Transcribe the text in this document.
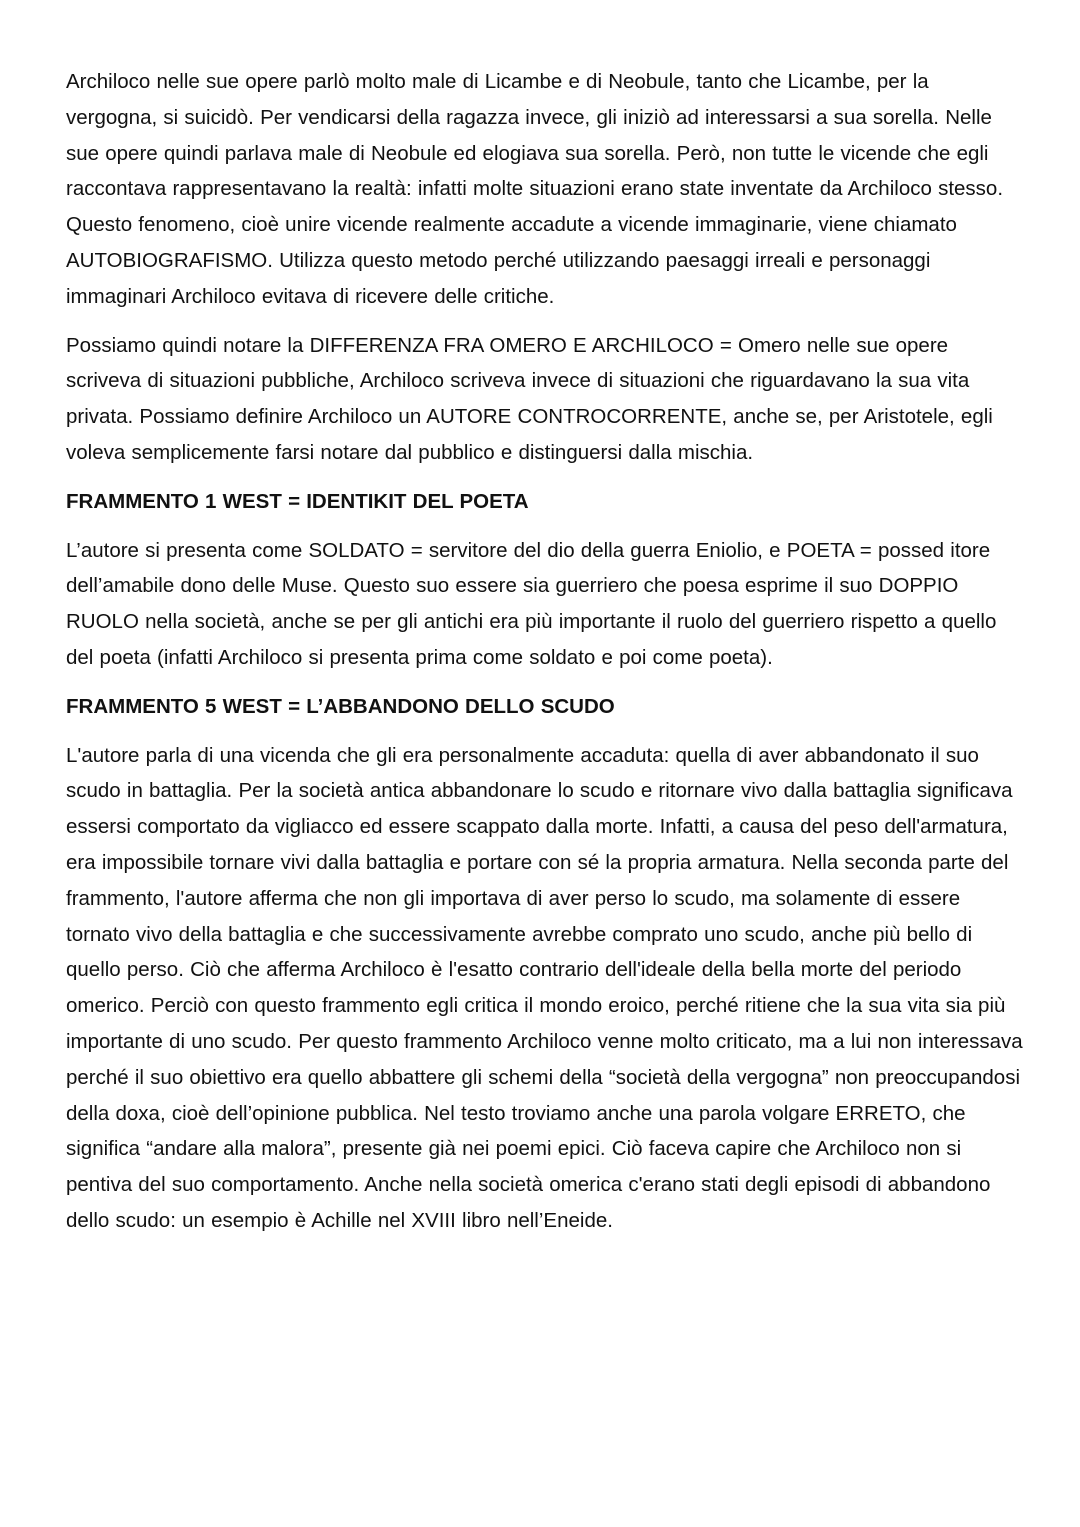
Archiloco nelle sue opere parlò molto male di Licambe e di Neobule, tanto che Licambe, per la vergogna, si suicidò. Per vendicarsi della ragazza invece, gli iniziò ad interessarsi a sua sorella. Nelle sue opere quindi parlava male di Neobule ed elogiava sua sorella. Però, non tutte le vicende che egli raccontava rappresentavano la realtà: infatti molte situazioni erano state inventate da Archiloco stesso. Questo fenomeno, cioè unire vicende realmente accadute a vicende immaginarie, viene chiamato AUTOBIOGRAFISMO. Utilizza questo metodo perché utilizzando paesaggi irreali e personaggi immaginari Archiloco evitava di ricevere delle critiche.

Possiamo quindi notare la DIFFERENZA FRA OMERO E ARCHILOCO = Omero nelle sue opere scriveva di situazioni pubbliche, Archiloco scriveva invece di situazioni che riguardavano la sua vita privata. Possiamo definire Archiloco un AUTORE CONTROCORRENTE, anche se, per Aristotele, egli voleva semplicemente farsi notare dal pubblico e distinguersi dalla mischia.

FRAMMENTO 1 WEST = IDENTIKIT DEL POETA

L’autore si presenta come SOLDATO = servitore del dio della guerra Eniolio, e POETA = possed itore dell’amabile dono delle Muse. Questo suo essere sia guerriero che poesa esprime il suo DOPPIO RUOLO nella società, anche se per gli antichi era più importante il ruolo del guerriero rispetto a quello del poeta (infatti Archiloco si presenta prima come soldato e poi come poeta).

FRAMMENTO 5 WEST = L’ABBANDONO DELLO SCUDO

L'autore parla di una vicenda che gli era personalmente accaduta: quella di aver abbandonato il suo scudo in battaglia. Per la società antica abbandonare lo scudo e ritornare vivo dalla battaglia significava essersi comportato da vigliacco ed essere scappato dalla morte. Infatti, a causa del peso dell'armatura, era impossibile tornare vivi dalla battaglia e portare con sé la propria armatura. Nella seconda parte del frammento, l'autore afferma che non gli importava di aver perso lo scudo, ma solamente di essere tornato vivo della battaglia e che successivamente avrebbe comprato uno scudo, anche più bello di quello perso. Ciò che afferma Archiloco è l'esatto contrario dell'ideale della bella morte del periodo omerico. Perciò con questo frammento egli critica il mondo eroico, perché ritiene che la sua vita sia più importante di uno scudo. Per questo frammento Archiloco venne molto criticato, ma a lui non interessava perché il suo obiettivo era quello abbattere gli schemi della “società della vergogna” non preoccupandosi della doxa, cioè dell’opinione pubblica. Nel testo troviamo anche una parola volgare ERRETO, che significa “andare alla malora”, presente già nei poemi epici. Ciò faceva capire che Archiloco non si pentiva del suo comportamento. Anche nella società omerica c'erano stati degli episodi di abbandono dello scudo: un esempio è Achille nel XVIII libro nell’Eneide.
